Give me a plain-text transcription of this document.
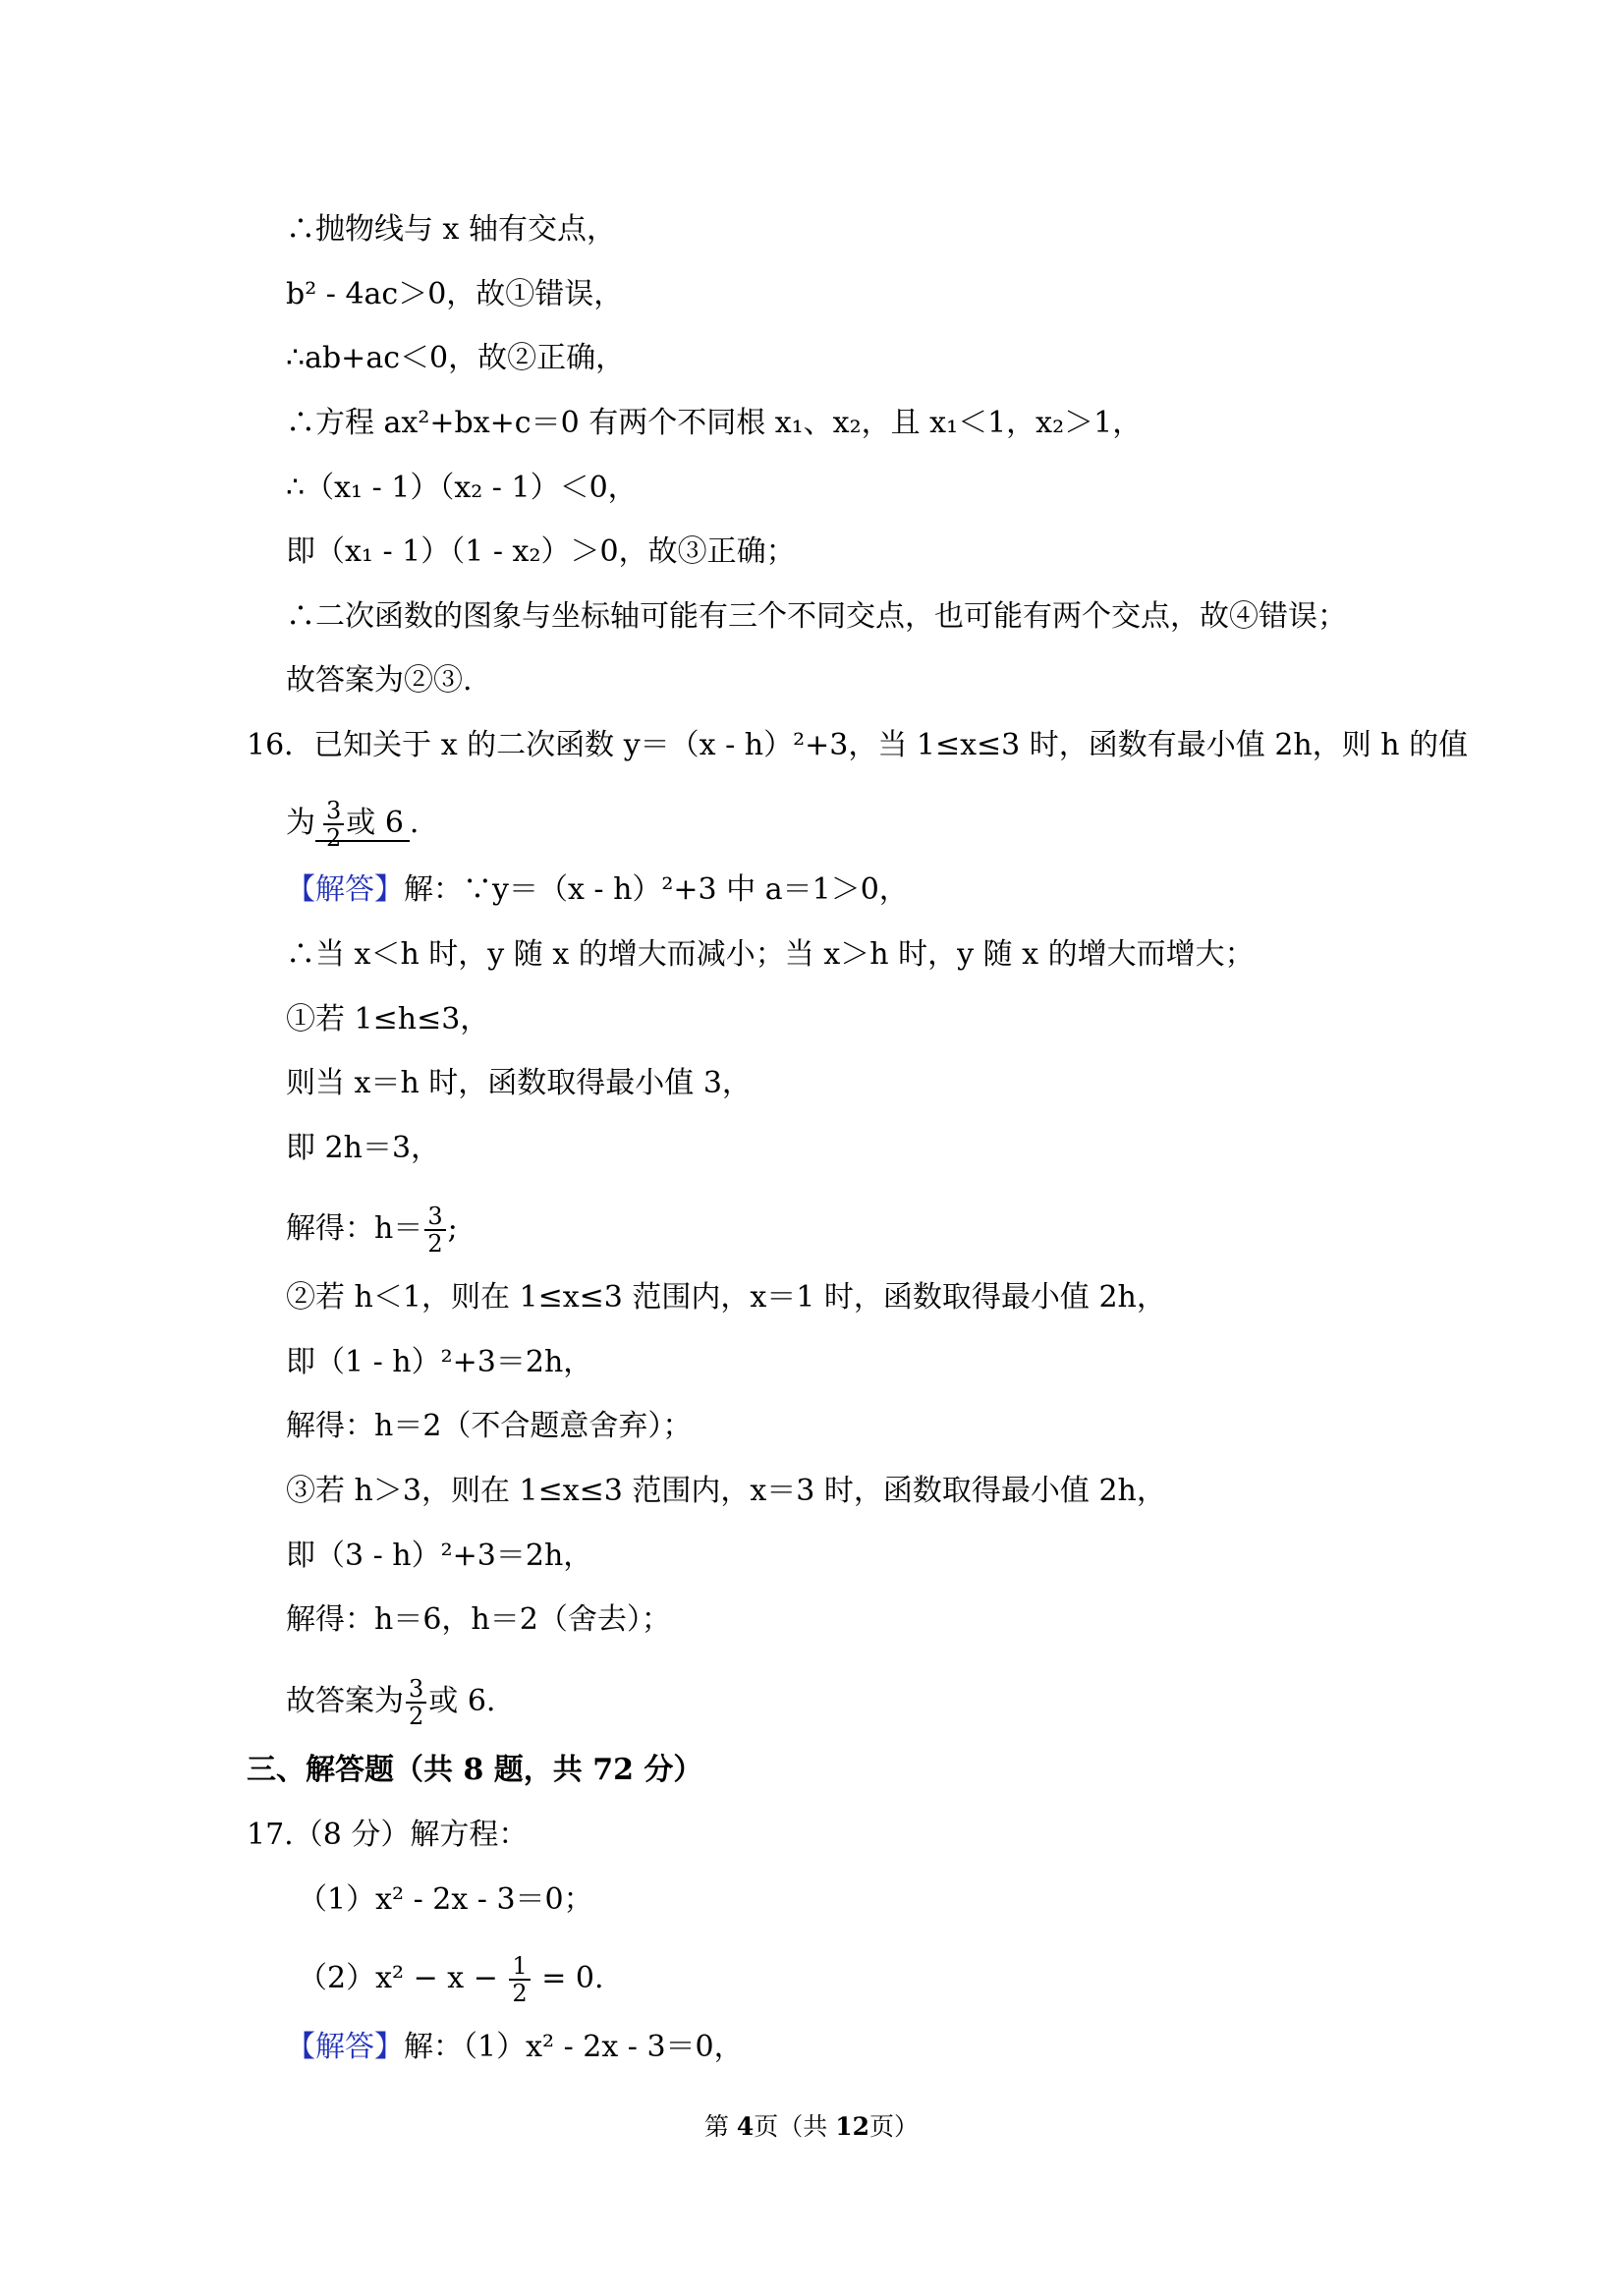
∴抛物线与 x 轴有交点，
b² - 4ac＞0，故①错误，
∴ab+ac＜0，故②正确，
∴方程 ax²+bx+c＝0 有两个不同根 x₁、x₂，且 x₁＜1，x₂＞1，
∴（x₁ - 1）（x₂ - 1）＜0，
即（x₁ - 1）（1 - x₂）＞0，故③正确；
∴二次函数的图象与坐标轴可能有三个不同交点，也可能有两个交点，故④错误；
故答案为②③.
16．已知关于 x 的二次函数 y＝（x - h）²+3，当 1≤x≤3 时，函数有最小值 2h，则 h 的值
为 $\frac{3}{2}$ 或 6 .
【解答】解：∵y＝（x - h）²+3 中 a＝1＞0，
∴当 x＜h 时，y 随 x 的增大而减小；当 x＞h 时，y 随 x 的增大而增大；
①若 1≤h≤3，
则当 x＝h 时，函数取得最小值 3，
即 2h＝3，
解得：$h= \frac{3}{2}$ ;
②若 h＜1，则在 1≤x≤3 范围内，x＝1 时，函数取得最小值 2h，
即（1 - h）²+3＝2h，
解得：h＝2（不合题意舍弃）；
③若 h＞3，则在 1≤x≤3 范围内，x＝3 时，函数取得最小值 2h，
即（3 - h）²+3＝2h，
解得：h＝6，h＝2（舍去）；
故答案为 $\frac{3}{2}$ 或 6.
三、解答题（共 8 题，共 72 分）
17.（8 分）解方程：
（1）x² - 2x - 3＝0；
$(2)x^2 - x - \frac{1}{2} = 0$.
【解答】解：（1）x² - 2x - 3＝0，
第 4页（共 12页）
